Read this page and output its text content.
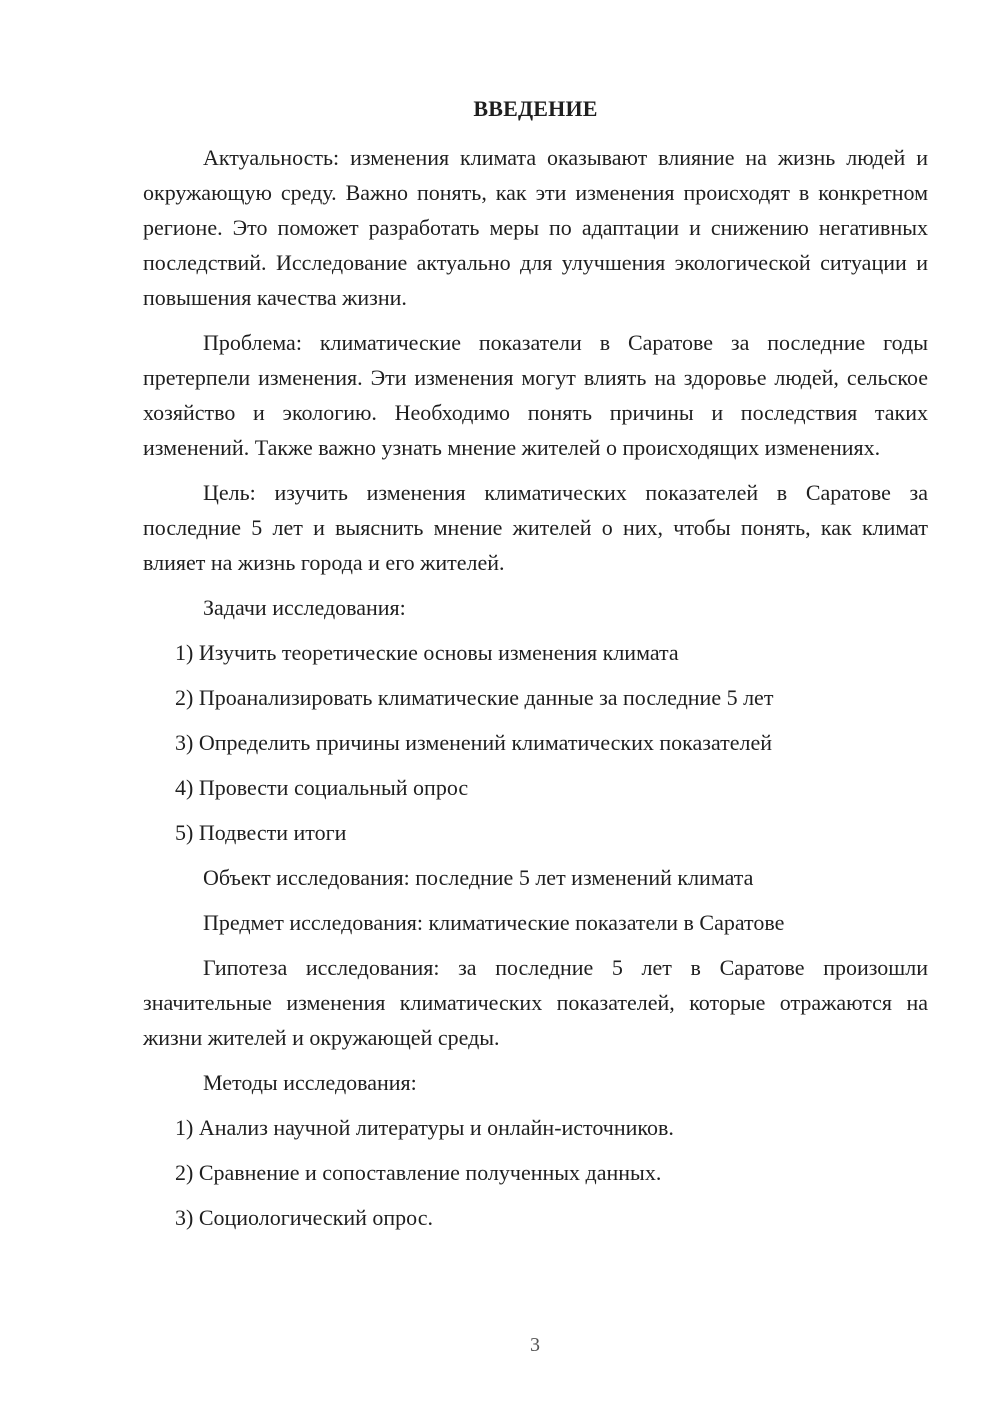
ВВЕДЕНИЕ

Актуальность: изменения климата оказывают влияние на жизнь людей и окружающую среду. Важно понять, как эти изменения происходят в конкретном регионе. Это поможет разработать меры по адаптации и снижению негативных последствий. Исследование актуально для улучшения экологической ситуации и повышения качества жизни.

Проблема: климатические показатели в Саратове за последние годы претерпели изменения. Эти изменения могут влиять на здоровье людей, сельское хозяйство и экологию. Необходимо понять причины и последствия таких изменений. Также важно узнать мнение жителей о происходящих изменениях.

Цель: изучить изменения климатических показателей в Саратове за последние 5 лет и выяснить мнение жителей о них, чтобы понять, как климат влияет на жизнь города и его жителей.

Задачи исследования:
1) Изучить теоретические основы изменения климата
2) Проанализировать климатические данные за последние 5 лет
3) Определить причины изменений климатических показателей
4) Провести социальный опрос
5) Подвести итоги
Объект исследования: последние 5 лет изменений климата
Предмет исследования: климатические показатели в Саратове

Гипотеза исследования: за последние 5 лет в Саратове произошли значительные изменения климатических показателей, которые отражаются на жизни жителей и окружающей среды.

Методы исследования:
1) Анализ научной литературы и онлайн-источников.
2) Сравнение и сопоставление полученных данных.
3) Социологический опрос.
3
